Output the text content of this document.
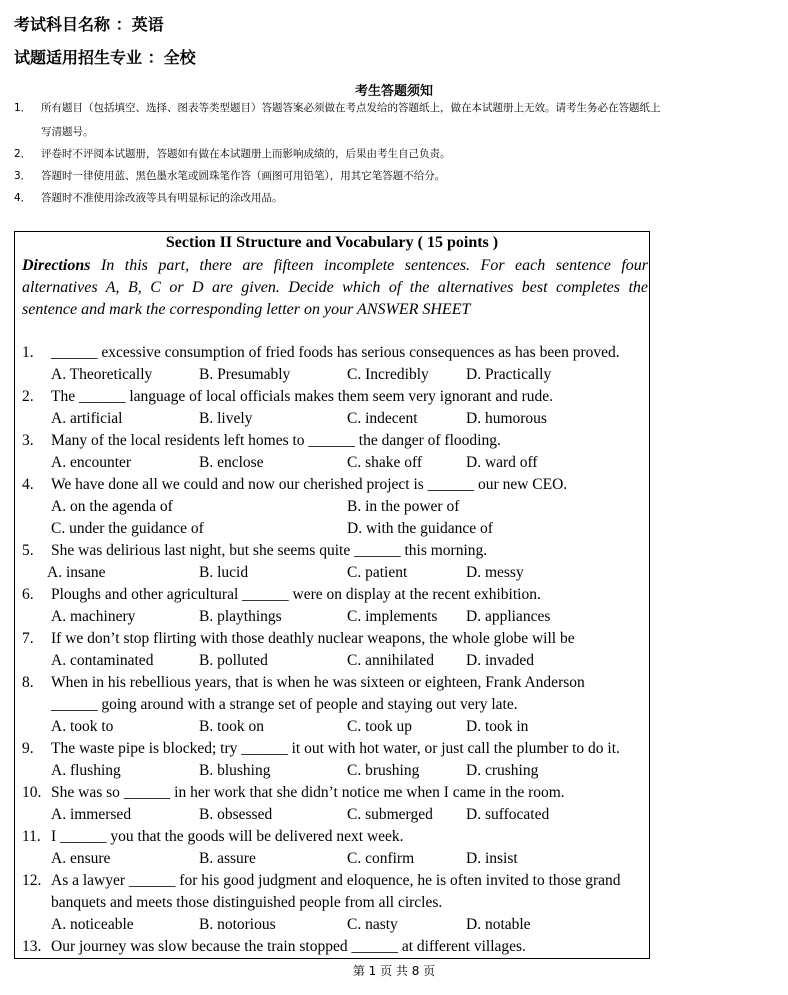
考试科目名称 ：英语
试题适用招生专业 ：全校
考生答题须知
1． 所有题目（包括填空、选择、图表等类型题目）答题答案必须做在考点发给的答题纸上，做在本试题册上无效。请考生务必在答题纸上
写清题号。
2． 评卷时不评阅本试题册，答题如有做在本试题册上而影响成绩的，后果由考生自己负责。
3． 答题时一律使用蓝、黑色墨水笔或圆珠笔作答（画图可用铅笔），用其它笔答题不给分。
4． 答题时不准使用涂改液等具有明显标记的涂改用品。
Section II Structure and Vocabulary ( 15 points )
Directions In this part, there are fifteen incomplete sentences. For each sentence four
alternatives A, B, C or D are given. Decide which of the alternatives best completes the
sentence and mark the corresponding letter on your ANSWER SHEET
1. ______ excessive consumption of fried foods has serious consequences as has been proved.
A. Theoretically	B. Presumably	C. Incredibly D. Practically
2. The ______ language of local officials makes them seem very ignorant and rude.
A. artificial	B. lively	C. indecent	D. humorous
3. Many of the local residents left homes to ______ the danger of flooding.
A. encounter	B. enclose	C. shake off	D. ward off
4. We have done all we could and now our cherished project is ______ our new CEO.
A. on the agenda of	B. in the power of
C. under the guidance of	D. with the guidance of
5. She was delirious last night, but she seems quite ______ this morning.
A. insane	B. lucid	C. patient	D. messy
6. Ploughs and other agricultural ______ were on display at the recent exhibition.
A. machinery	B. playthings	C. implements D. appliances
7. If we don’t stop flirting with those deathly nuclear weapons, the whole globe will be
A. contaminated	B. polluted	C. annihilated D. invaded
8. When in his rebellious years, that is when he was sixteen or eighteen, Frank Anderson
______ going around with a strange set of people and staying out very late.
A. took to	B. took on	C. took up	D. took in
9. The waste pipe is blocked; try ______ it out with hot water, or just call the plumber to do it.
A. flushing	B. blushing	C. brushing	D. crushing
10. She was so ______ in her work that she didn’t notice me when I came in the room.
A. immersed	B. obsessed	C. submerged D. suffocated
11. I ______ you that the goods will be delivered next week.
A. ensure	B. assure	C. confirm	D. insist
12. As a lawyer ______ for his good judgment and eloquence, he is often invited to those grand
banquets and meets those distinguished people from all circles.
A. noticeable	B. notorious	C. nasty	D. notable
13. Our journey was slow because the train stopped ______ at different villages.
第 1 页 共 8 页
